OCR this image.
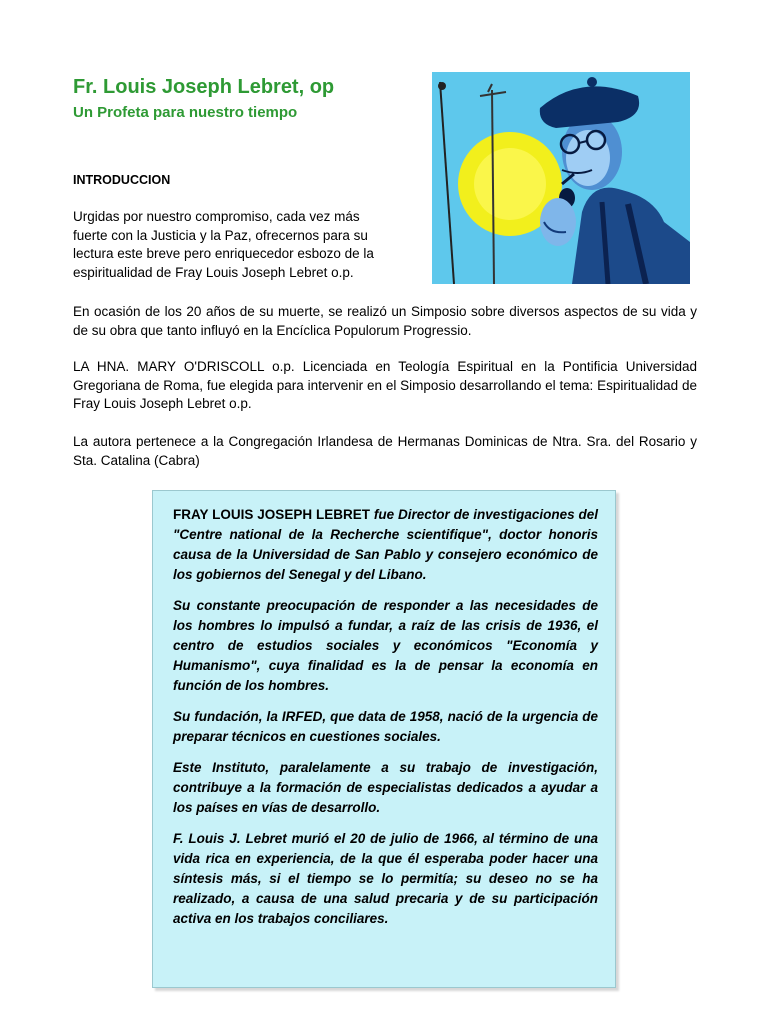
Fr. Louis Joseph Lebret, op
Un Profeta para nuestro tiempo
INTRODUCCION

Urgidas por nuestro compromiso, cada vez más fuerte con la Justicia y la Paz, ofrecernos para su lectura este breve pero enriquecedor esbozo de la espiritualidad de Fray Louis Joseph Lebret o.p.

En ocasión de los 20 años de su muerte, se realizó un Simposio sobre diversos aspectos de su vida y de su obra que tanto influyó en la Encíclica Populorum Progressio.

LA HNA. MARY O'DRISCOLL o.p. Licenciada en Teología Espiritual en la Pontificia Universidad Gregoriana de Roma, fue elegida para intervenir en el Simposio desarrollando el tema: Espiritualidad de Fray Louis Joseph Lebret o.p.

La autora pertenece a la Congregación Irlandesa de Hermanas Dominicas de Ntra. Sra. del Rosario y Sta. Catalina (Cabra)

FRAY LOUIS JOSEPH LEBRET fue Director de investigaciones del "Centre national de la Recherche scientifique", doctor honoris causa de la Universidad de San Pablo y consejero económico de los gobiernos del Senegal y del Libano.

Su constante preocupación de responder a las necesidades de los hombres lo impulsó a fundar, a raíz de las crisis de 1936, el centro de estudios sociales y económicos "Economía y Humanismo", cuya finalidad es la de pensar la economía en función de los hombres.

Su fundación, la IRFED, que data de 1958, nació de la urgencia de preparar técnicos en cuestiones sociales.

Este Instituto, paralelamente a su trabajo de investigación, contribuye a la formación de especialistas dedicados a ayudar a los países en vías de desarrollo.

F. Louis J. Lebret murió el 20 de julio de 1966, al término de una vida rica en experiencia, de la que él esperaba poder hacer una síntesis más, si el tiempo se lo permitía; su deseo no se ha realizado, a causa de una salud precaria y de su participación activa en los trabajos conciliares.
